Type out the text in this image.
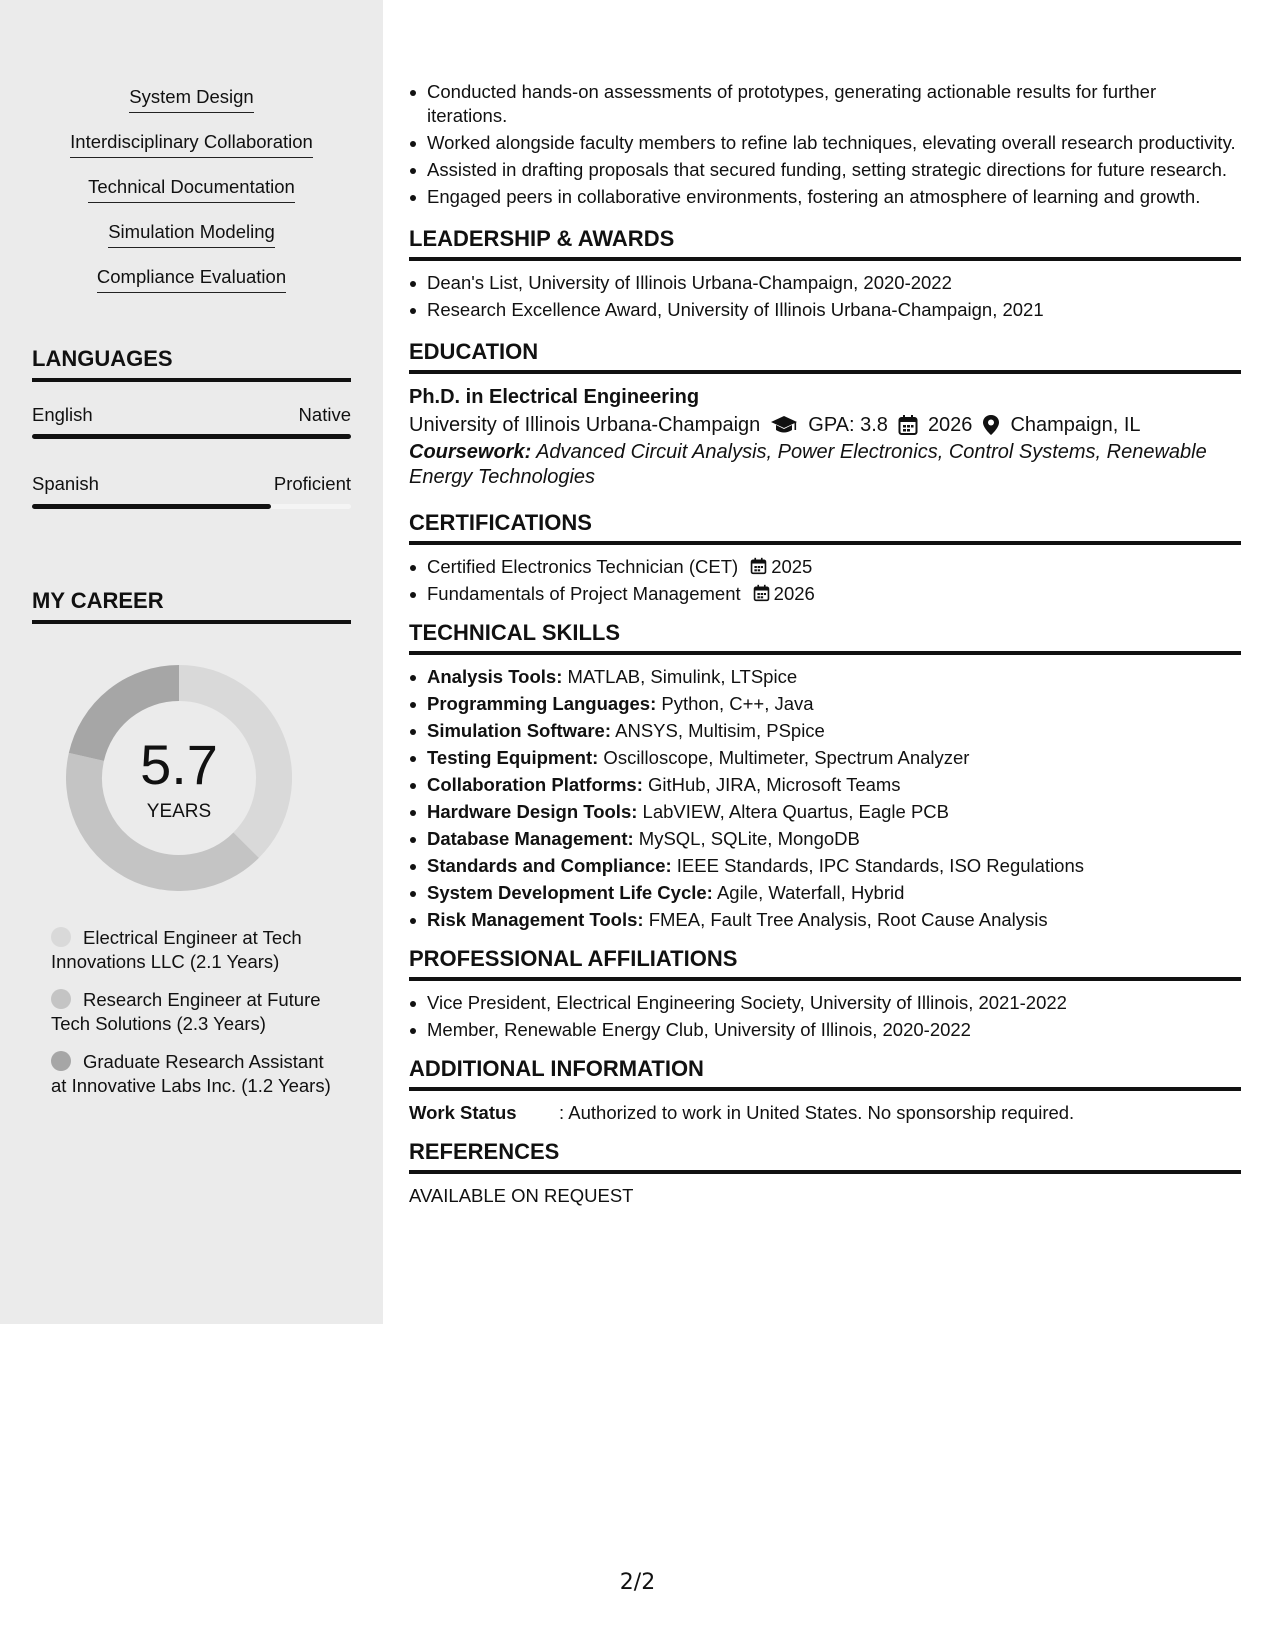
System Design
Interdisciplinary Collaboration
Technical Documentation
Simulation Modeling
Compliance Evaluation
LANGUAGES
English	Native
Spanish	Proficient
MY CAREER
5.7
YEARS
Electrical Engineer at Tech Innovations LLC (2.1 Years)
Research Engineer at Future Tech Solutions (2.3 Years)
Graduate Research Assistant at Innovative Labs Inc. (1.2 Years)
Conducted hands-on assessments of prototypes, generating actionable results for further iterations.
Worked alongside faculty members to refine lab techniques, elevating overall research productivity.
Assisted in drafting proposals that secured funding, setting strategic directions for future research.
Engaged peers in collaborative environments, fostering an atmosphere of learning and growth.
LEADERSHIP & AWARDS
Dean's List, University of Illinois Urbana-Champaign, 2020-2022
Research Excellence Award, University of Illinois Urbana-Champaign, 2021
EDUCATION
Ph.D. in Electrical Engineering
University of Illinois Urbana-Champaign GPA: 3.8 2026 Champaign, IL
Coursework: Advanced Circuit Analysis, Power Electronics, Control Systems, Renewable Energy Technologies
CERTIFICATIONS
Certified Electronics Technician (CET) 2025
Fundamentals of Project Management 2026
TECHNICAL SKILLS
Analysis Tools: MATLAB, Simulink, LTSpice
Programming Languages: Python, C++, Java
Simulation Software: ANSYS, Multisim, PSpice
Testing Equipment: Oscilloscope, Multimeter, Spectrum Analyzer
Collaboration Platforms: GitHub, JIRA, Microsoft Teams
Hardware Design Tools: LabVIEW, Altera Quartus, Eagle PCB
Database Management: MySQL, SQLite, MongoDB
Standards and Compliance: IEEE Standards, IPC Standards, ISO Regulations
System Development Life Cycle: Agile, Waterfall, Hybrid
Risk Management Tools: FMEA, Fault Tree Analysis, Root Cause Analysis
PROFESSIONAL AFFILIATIONS
Vice President, Electrical Engineering Society, University of Illinois, 2021-2022
Member, Renewable Energy Club, University of Illinois, 2020-2022
ADDITIONAL INFORMATION
Work Status	: Authorized to work in United States. No sponsorship required.
REFERENCES
AVAILABLE ON REQUEST
2/2
